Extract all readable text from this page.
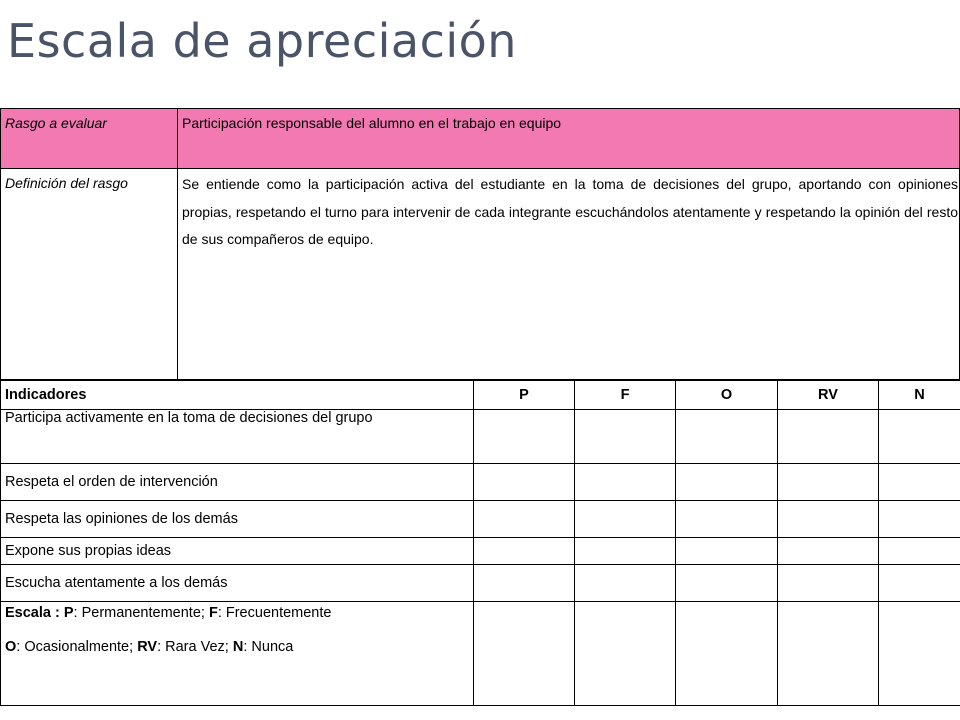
Escala de apreciación
Rasgo a evaluar	Participación responsable del alumno en el trabajo en equipo
Definición del rasgo	Se entiende como la participación activa del estudiante en la toma de decisiones del grupo, aportando con opiniones propias, respetando el turno para intervenir de cada integrante escuchándolos atentamente y respetando la opinión del resto de sus compañeros de equipo.
Indicadores	P	F	O	RV	N
Participa activamente en la toma de decisiones del grupo					
Respeta el orden de intervención					
Respeta las opiniones de los demás					
Expone sus propias ideas					
Escucha atentamente a los demás					

Escala : P: Permanentemente; F: Frecuentemente
O: Ocasionalmente; RV: Rara Vez; N: Nunca					
